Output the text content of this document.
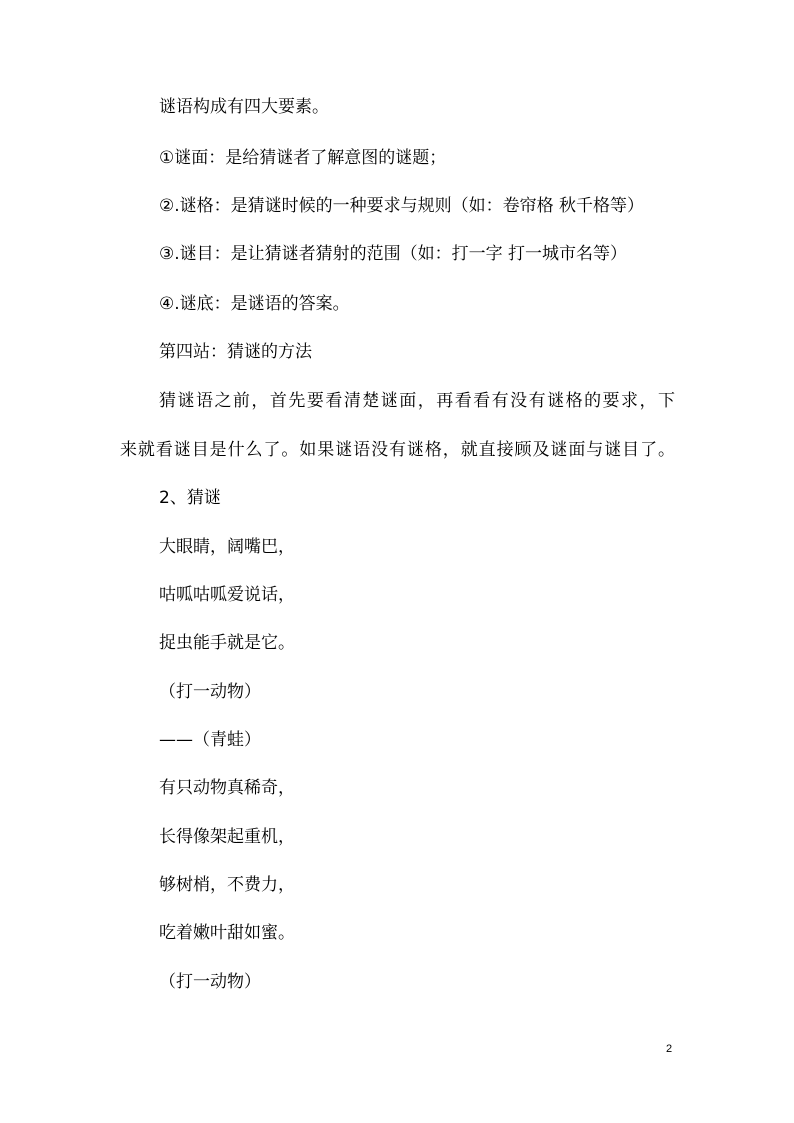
谜语构成有四大要素。
①谜面：是给猜谜者了解意图的谜题；
②.谜格：是猜谜时候的一种要求与规则（如：卷帘格 秋千格等）
③.谜目：是让猜谜者猜射的范围（如：打一字 打一城市名等）
④.谜底：是谜语的答案。
第四站：猜谜的方法
猜谜语之前，首先要看清楚谜面，再看看有没有谜格的要求，下
来就看谜目是什么了。如果谜语没有谜格，就直接顾及谜面与谜目了。
2、猜谜
大眼睛，阔嘴巴，
咕呱咕呱爱说话，
捉虫能手就是它。
（打一动物）
——（青蛙）
有只动物真稀奇，
长得像架起重机，
够树梢，不费力，
吃着嫩叶甜如蜜。
（打一动物）
2
